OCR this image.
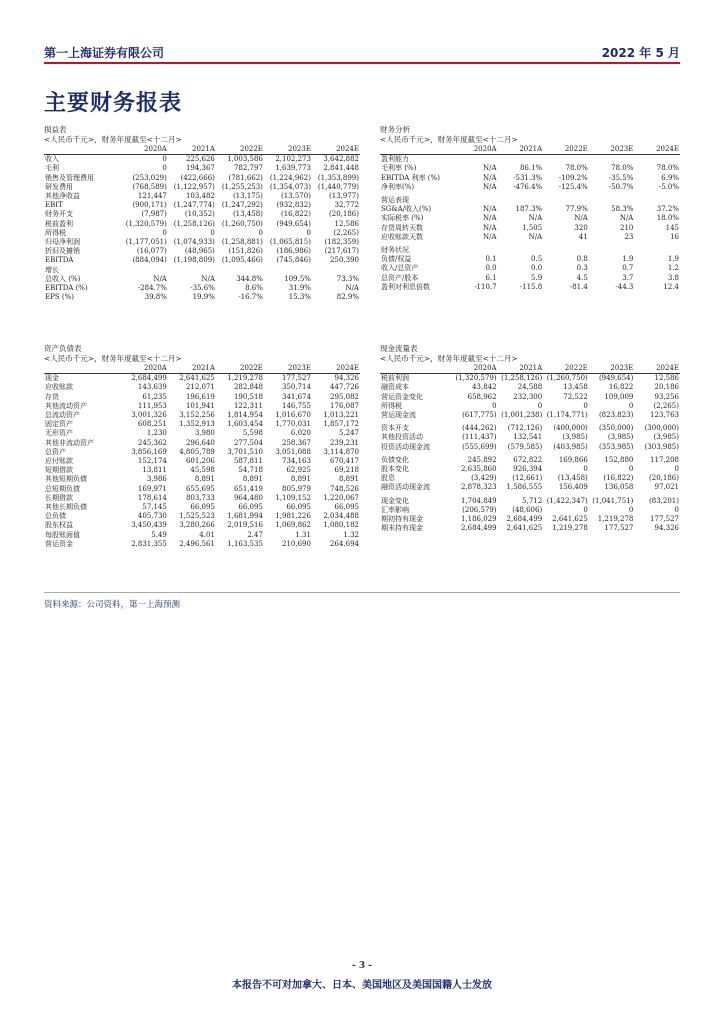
第一上海证券有限公司	2022 年 5 月
主要财务报表
损益表
<人民币千元>，财务年度截至<十二月>
	2020A	2021A	2022E	2023E	2024E
收入	0	225,626	1,003,586	2,102,273	3,642,882
毛利	0	194,367	782,797	1,639,773	2,841,448
销售及管理费用	(253,029)	(422,666)	(781,662)	(1,224,962)	(1,353,899)
研发费用	(768,589)	(1,122,957)	(1,255,253)	(1,354,073)	(1,440,779)
其他净收益	121,447	103,482	(13,175)	(13,570)	(13,977)
EBIT	(900,171)	(1,247,774)	(1,247,292)	(932,832)	32,772
财务开支	(7,987)	(10,352)	(13,458)	(16,822)	(20,186)
税前盈利	(1,320,579)	(1,258,126)	(1,260,750)	(949,654)	12,586
所得税	0	0	0	0	(2,265)
归母净利润	(1,177,051)	(1,074,933)	(1,258,881)	(1,065,815)	(182,359)
折旧及摊销	(16,077)	(48,965)	(151,826)	(186,986)	(217,617)
EBITDA	(884,094)	(1,198,809)	(1,095,466)	(745,846)	250,390
增长					
总收入 (%)	N/A	N/A	344.8%	109.5%	73.3%
EBITDA (%)	-284.7%	-35.6%	8.6%	31.9%	N/A
EPS (%)	39.8%	19.9%	-16.7%	15.3%	82.9%
财务分析
<人民币千元>，财务年度截至<十二月>
	2020A	2021A	2022E	2023E	2024E
盈利能力					
毛利率 (%)	N/A	86.1%	78.0%	78.0%	78.0%
EBITDA 利率 (%)	N/A	-531.3%	-109.2%	-35.5%	6.9%
净利率(%)	N/A	-476.4%	-125.4%	-50.7%	-5.0%

营运表现					
SG&A/收入(%)	N/A	187.3%	77.9%	58.3%	37.2%
实际税率 (%)	N/A	N/A	N/A	N/A	18.0%
存货周转天数	N/A	1,505	320	210	145
应收账款天数	N/A	N/A	41	23	16

财务状况					
负债/权益	0.1	0.5	0.8	1.9	1.9
收入/总资产	0.0	0.0	0.3	0.7	1.2
总资产/股本	6.1	5.9	4.5	3.7	3.8
盈利对利息倍数	-110.7	-115.8	-81.4	-44.3	12.4
资产负债表
<人民币千元>，财务年度截至<十二月>
	2020A	2021A	2022E	2023E	2024E
现金	2,684,499	2,641,625	1,219,278	177,527	94,326
应收账款	143,639	212,071	282,848	350,714	447,726
存货	61,235	196,619	190,518	341,674	295,082
其他流动资产	111,953	101,941	122,311	146,755	176,087
总流动资产	3,001,326	3,152,256	1,814,954	1,016,670	1,013,221
固定资产	608,251	1,352,913	1,603,454	1,770,031	1,857,172
无形资产	1,230	3,980	5,598	6,020	5,247
其他非流动资产	245,362	296,640	277,504	258,367	239,231
总资产	3,856,169	4,805,789	3,701,510	3,051,088	3,114,870
应付账款	152,174	601,206	587,811	734,163	670,417
短期借款	13,811	45,598	54,718	62,925	69,218
其他短期负债	3,986	8,891	8,891	8,891	8,891
总短期负债	169,971	655,695	651,419	805,979	748,526
长期借款	178,614	803,733	964,480	1,109,152	1,220,067
其他长期负债	57,145	66,095	66,095	66,095	66,095
总负债	405,730	1,525,523	1,681,994	1,981,226	2,034,488
股东权益	3,450,439	3,280,266	2,019,516	1,069,862	1,080,182
每股账面值	5.49	4.01	2.47	1.31	1.32
营运资金	2,831,355	2,496,561	1,163,535	210,690	264,694
现金流量表
<人民币千元>，财务年度截至<十二月>
	2020A	2021A	2022E	2023E	2024E
税前利润	(1,320,579)	(1,258,126)	(1,260,750)	(949,654)	12,586
融资成本	43,842	24,588	13,458	16,822	20,186
营运资金变化	658,962	232,300	72,522	109,009	93,256
所得税	0	0	0	0	(2,265)
营运现金流	(617,775)	(1,001,238)	(1,174,771)	(823,823)	123,763

资本开支	(444,262)	(712,126)	(400,000)	(350,000)	(300,000)
其他投资活动	(111,437)	132,541	(3,985)	(3,985)	(3,985)
投资活动现金流	(555,699)	(579,585)	(403,985)	(353,985)	(303,985)

负债变化	245,892	672,822	169,866	152,880	117,208
股本变化	2,635,860	926,394	0	0	0
股息	(3,429)	(12,661)	(13,458)	(16,822)	(20,186)
融资活动现金流	2,878,323	1,586,555	156,409	136,058	97,021

现金变化	1,704,849	5,712	(1,422,347)	(1,041,751)	(83,201)
汇率影响	(206,579)	(48,606)	0	0	0
期初持有现金	1,186,029	2,684,499	2,641,625	1,219,278	177,527
期末持有现金	2,684,499	2,641,625	1,219,278	177,527	94,326
资料来源：公司资料，第一上海预测
- 3 -
本报告不可对加拿大、日本、美国地区及美国国籍人士发放
